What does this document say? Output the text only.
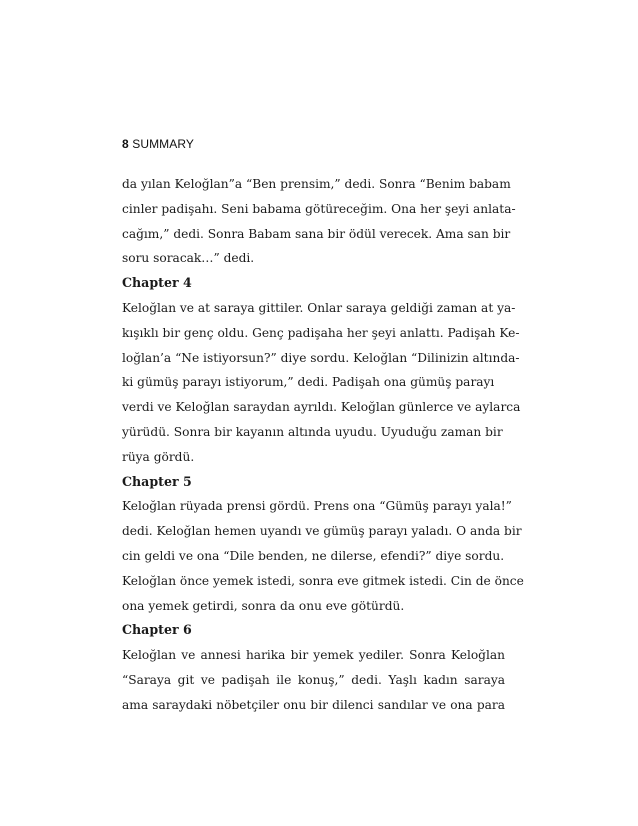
8 SUMMARY
da yılan Keloğlan”a “Ben prensim,” dedi. Sonra “Benim babam
cinler padişahı. Seni babama götüreceğim. Ona her şeyi anlata-
cağım,” dedi. Sonra Babam sana bir ödül verecek. Ama san bir
soru soracak…” dedi.
Chapter 4
Keloğlan ve at saraya gittiler. Onlar saraya geldiği zaman at ya-
kışıklı bir genç oldu. Genç padişaha her şeyi anlattı. Padişah Ke-
loğlan’a “Ne istiyorsun?” diye sordu. Keloğlan “Dilinizin altında-
ki gümüş parayı istiyorum,” dedi. Padişah ona gümüş parayı
verdi ve Keloğlan saraydan ayrıldı. Keloğlan günlerce ve aylarca
yürüdü. Sonra bir kayanın altında uyudu. Uyuduğu zaman bir
rüya gördü.
Chapter 5
Keloğlan rüyada prensi gördü. Prens ona “Gümüş parayı yala!”
dedi. Keloğlan hemen uyandı ve gümüş parayı yaladı. O anda bir
cin geldi ve ona “Dile benden, ne dilerse, efendi?” diye sordu.
Keloğlan önce yemek istedi, sonra eve gitmek istedi. Cin de önce
ona yemek getirdi, sonra da onu eve götürdü.
Chapter 6
Keloğlan ve annesi harika bir yemek yediler. Sonra Keloğlan
“Saraya git ve padişah ile konuş,” dedi. Yaşlı kadın saraya
ama saraydaki nöbetçiler onu bir dilenci sandılar ve ona para
